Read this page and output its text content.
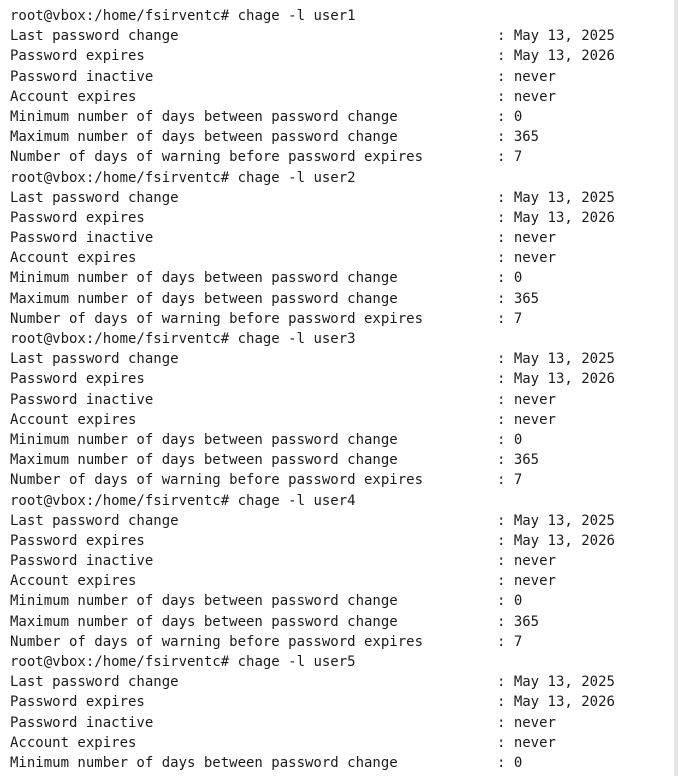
root@vbox:/home/fsirventc# chage -l user1
Last password change	: May 13, 2025
Password expires	: May 13, 2026
Password inactive	: never
Account expires	: never
Minimum number of days between password change	: 0
Maximum number of days between password change	: 365
Number of days of warning before password expires	: 7
root@vbox:/home/fsirventc# chage -l user2
Last password change	: May 13, 2025
Password expires	: May 13, 2026
Password inactive	: never
Account expires	: never
Minimum number of days between password change	: 0
Maximum number of days between password change	: 365
Number of days of warning before password expires	: 7
root@vbox:/home/fsirventc# chage -l user3
Last password change	: May 13, 2025
Password expires	: May 13, 2026
Password inactive	: never
Account expires	: never
Minimum number of days between password change	: 0
Maximum number of days between password change	: 365
Number of days of warning before password expires	: 7
root@vbox:/home/fsirventc# chage -l user4
Last password change	: May 13, 2025
Password expires	: May 13, 2026
Password inactive	: never
Account expires	: never
Minimum number of days between password change	: 0
Maximum number of days between password change	: 365
Number of days of warning before password expires	: 7
root@vbox:/home/fsirventc# chage -l user5
Last password change	: May 13, 2025
Password expires	: May 13, 2026
Password inactive	: never
Account expires	: never
Minimum number of days between password change	: 0
